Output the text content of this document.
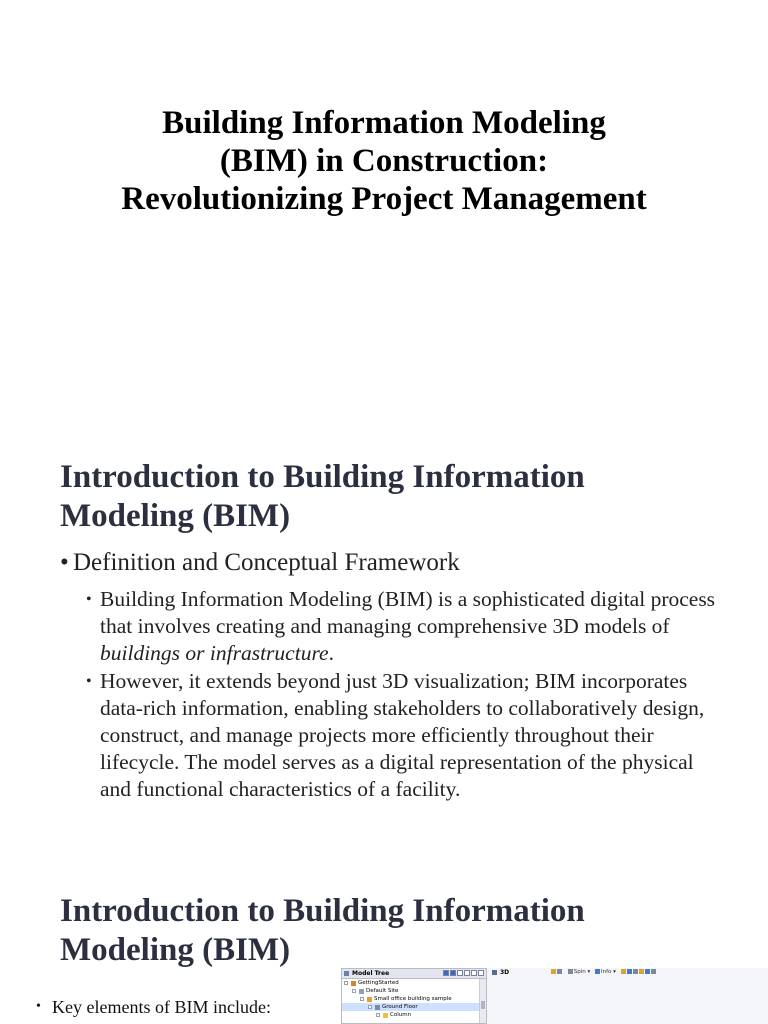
Building Information Modeling
(BIM) in Construction:
Revolutionizing Project Management
Introduction to Building Information
Modeling (BIM)
• Definition and Conceptual Framework
• Building Information Modeling (BIM) is a sophisticated digital process that involves creating and managing comprehensive 3D models of buildings or infrastructure.
• However, it extends beyond just 3D visualization; BIM incorporates data-rich information, enabling stakeholders to collaboratively design, construct, and manage projects more efficiently throughout their lifecycle. The model serves as a digital representation of the physical and functional characteristics of a facility.
Introduction to Building Information
Modeling (BIM)
• Key elements of BIM include:
Model Tree
GettingStarted
Default Site
Small office building sample
Ground Floor
Column
3D	Spin ▾ Info ▾
